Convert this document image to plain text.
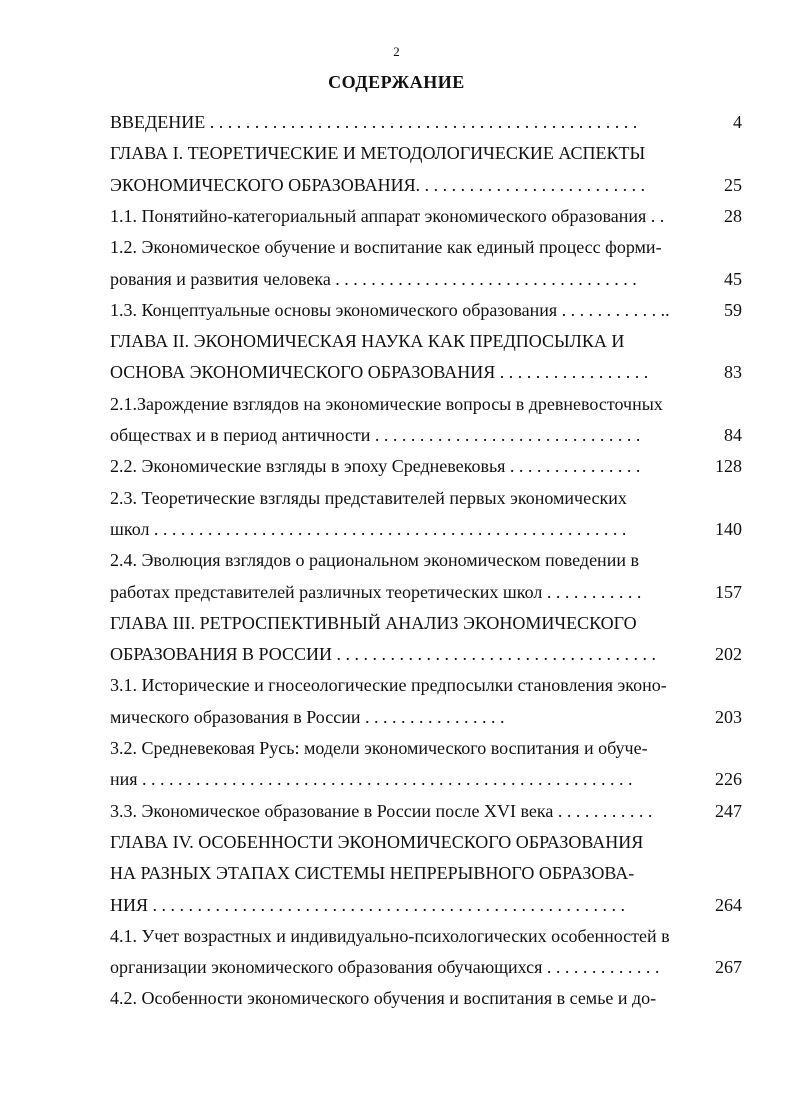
2
СОДЕРЖАНИЕ
ВВЕДЕНИЕ . . . . . . . . . . . . . . . . . . . . . . . . . . . . . . . . . . . . . . . . . . . . . . . .	4
ГЛАВА I. ТЕОРЕТИЧЕСКИЕ И МЕТОДОЛОГИЧЕСКИЕ АСПЕКТЫ
ЭКОНОМИЧЕСКОГО ОБРАЗОВАНИЯ. . . . . . . . . . . . . . . . . . . . . . . . . .	25
1.1. Понятийно-категориальный аппарат экономического образования . .	28
1.2. Экономическое обучение и воспитание как единый процесс форми-
рования и развития человека . . . . . . . . . . . . . . . . . . . . . . . . . . . . . . . . . .	45
1.3. Концептуальные основы экономического образования . . . . . . . . . . . ..	59
ГЛАВА II. ЭКОНОМИЧЕСКАЯ НАУКА КАК ПРЕДПОСЫЛКА И
ОСНОВА ЭКОНОМИЧЕСКОГО ОБРАЗОВАНИЯ . . . . . . . . . . . . . . . . .	83
2.1.Зарождение взглядов на экономические вопросы в древневосточных
обществах и в период античности . . . . . . . . . . . . . . . . . . . . . . . . . . . . . .	84
2.2. Экономические взгляды в эпоху Средневековья . . . . . . . . . . . . . . .	128
2.3. Теоретические взгляды представителей первых экономических
школ . . . . . . . . . . . . . . . . . . . . . . . . . . . . . . . . . . . . . . . . . . . . . . . . . . . . .	140
2.4. Эволюция взглядов о рациональном экономическом поведении в
работах представителей различных теоретических школ . . . . . . . . . . .	157
ГЛАВА III. РЕТРОСПЕКТИВНЫЙ АНАЛИЗ ЭКОНОМИЧЕСКОГО
ОБРАЗОВАНИЯ В РОССИИ . . . . . . . . . . . . . . . . . . . . . . . . . . . . . . . . . . . .	202
3.1. Исторические и гносеологические предпосылки становления эконо-
мического образования в России . . . . . . . . . . . . . . . .	203
3.2. Средневековая Русь: модели экономического воспитания и обуче-
ния . . . . . . . . . . . . . . . . . . . . . . . . . . . . . . . . . . . . . . . . . . . . . . . . . . . . . . .	226
3.3. Экономическое образование в России после XVI века . . . . . . . . . . .	247
ГЛАВА IV. ОСОБЕННОСТИ ЭКОНОМИЧЕСКОГО ОБРАЗОВАНИЯ
НА РАЗНЫХ ЭТАПАХ СИСТЕМЫ НЕПРЕРЫВНОГО ОБРАЗОВА-
НИЯ . . . . . . . . . . . . . . . . . . . . . . . . . . . . . . . . . . . . . . . . . . . . . . . . . . . . .	264
4.1. Учет возрастных и индивидуально-психологических особенностей в
организации экономического образования обучающихся . . . . . . . . . . . . .	267
4.2. Особенности экономического обучения и воспитания в семье и до-
